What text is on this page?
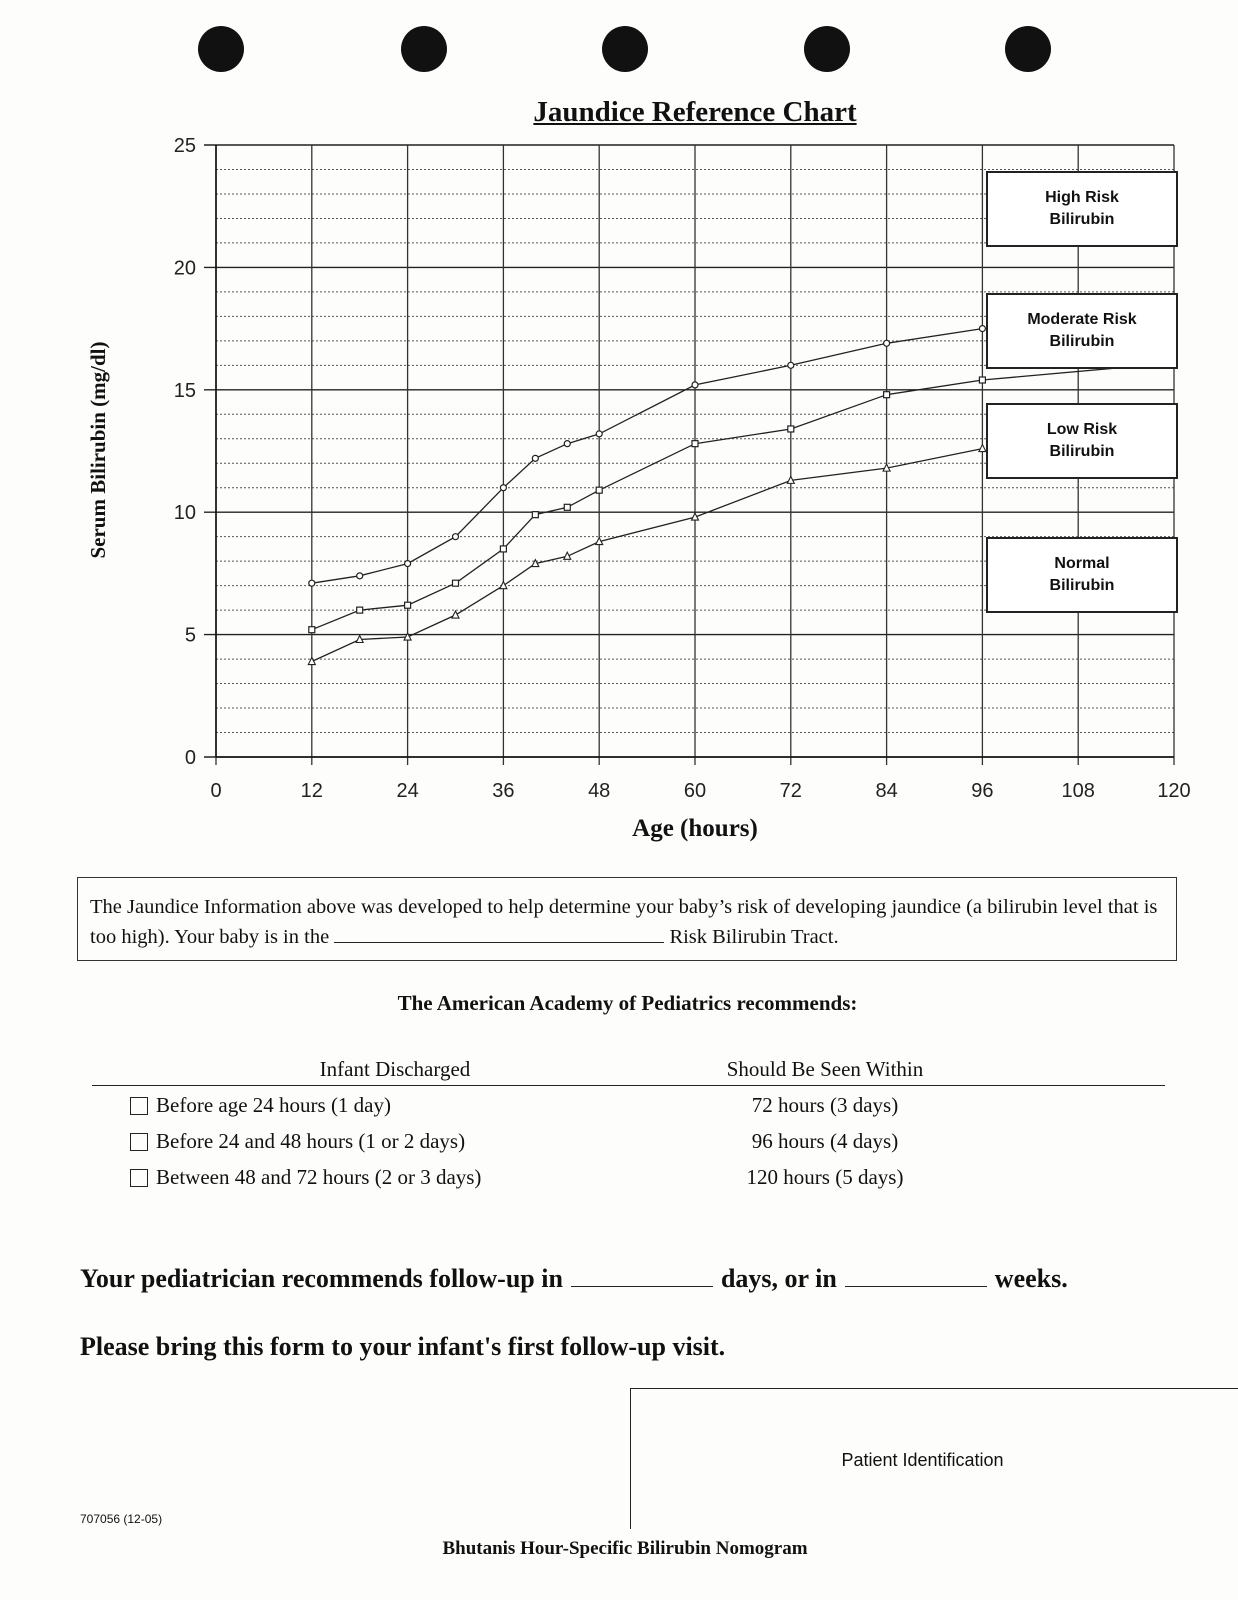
Jaundice Reference Chart
0
5
10
15
20
25
0	12	24	36	48	60	72	84	96	108	120
Serum Bilirubin (mg/dl)
Age (hours)
High Risk
Bilirubin
Moderate Risk
Bilirubin
Low Risk
Bilirubin
Normal
Bilirubin
The Jaundice Information above was developed to help determine your baby’s risk of developing jaundice (a bilirubin level that is too high). Your baby is in the	Risk Bilirubin Tract.
The American Academy of Pediatrics recommends:
Infant Discharged	Should Be Seen Within
Before age 24 hours (1 day)	72 hours (3 days)
Before 24 and 48 hours (1 or 2 days)	96 hours (4 days)
Between 48 and 72 hours (2 or 3 days)	120 hours (5 days)
Your pediatrician recommends follow-up in	days, or in	weeks.
Please bring this form to your infant's first follow-up visit.
Patient Identification
707056 (12-05)
Bhutanis Hour-Specific Bilirubin Nomogram
